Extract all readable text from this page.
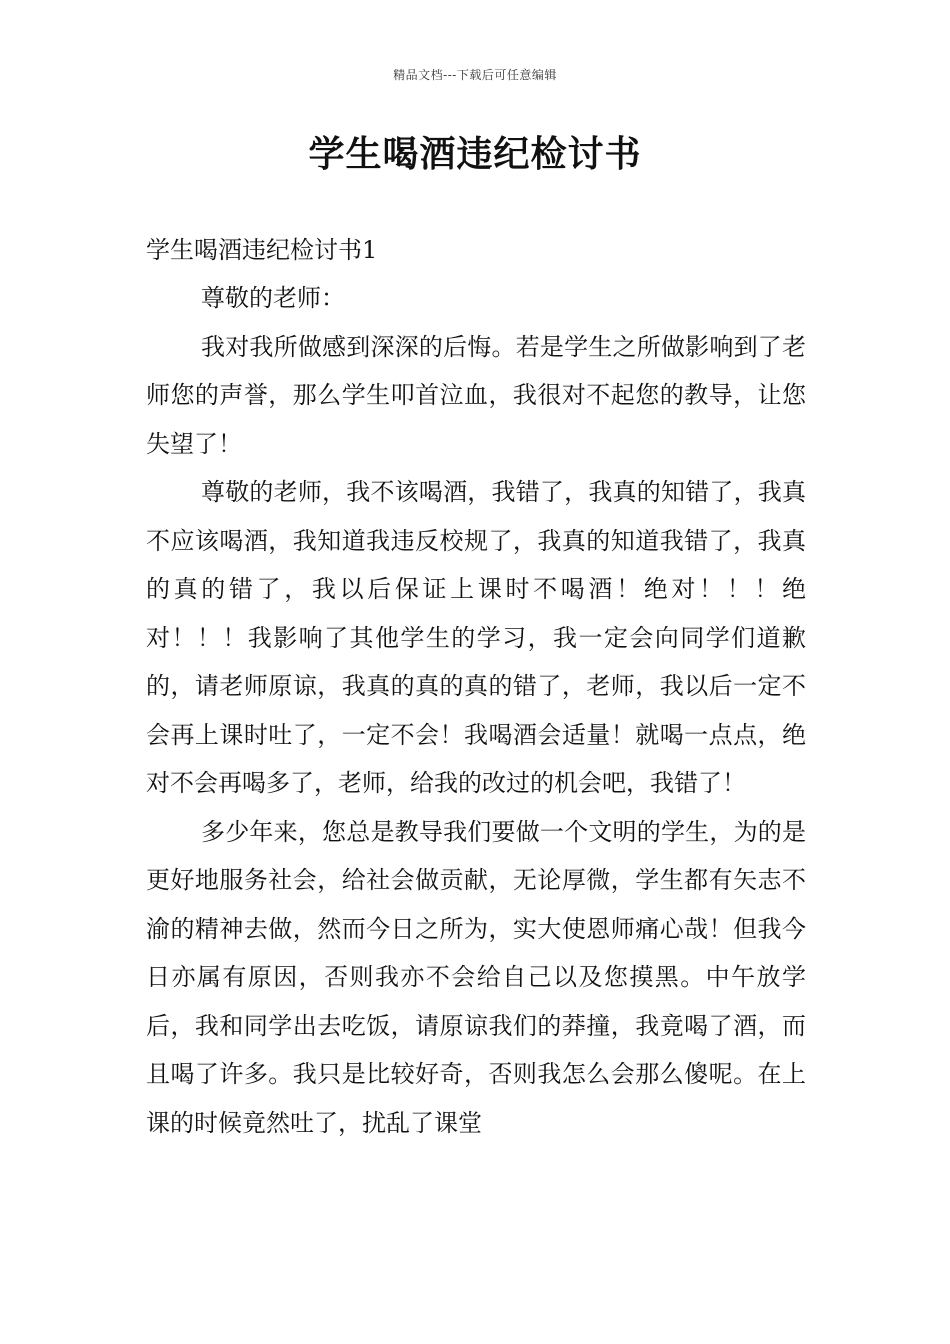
精品文档---下载后可任意编辑
学生喝酒违纪检讨书
学生喝酒违纪检讨书1

尊敬的老师：

我对我所做感到深深的后悔。若是学生之所做影响到了老师您的声誉，那么学生叩首泣血，我很对不起您的教导，让您失望了！

尊敬的老师，我不该喝酒，我错了，我真的知错了，我真不应该喝酒，我知道我违反校规了，我真的知道我错了，我真的真的错了，我以后保证上课时不喝酒！绝对！！！绝对！！！我影响了其他学生的学习，我一定会向同学们道歉的，请老师原谅，我真的真的真的错了，老师，我以后一定不会再上课时吐了，一定不会！我喝酒会适量！就喝一点点，绝对不会再喝多了，老师，给我的改过的机会吧，我错了！

多少年来，您总是教导我们要做一个文明的学生，为的是更好地服务社会，给社会做贡献，无论厚微，学生都有矢志不渝的精神去做，然而今日之所为，实大使恩师痛心哉！但我今日亦属有原因，否则我亦不会给自己以及您摸黑。中午放学后，我和同学出去吃饭，请原谅我们的莽撞，我竟喝了酒，而且喝了许多。我只是比较好奇，否则我怎么会那么傻呢。在上课的时候竟然吐了，扰乱了课堂
